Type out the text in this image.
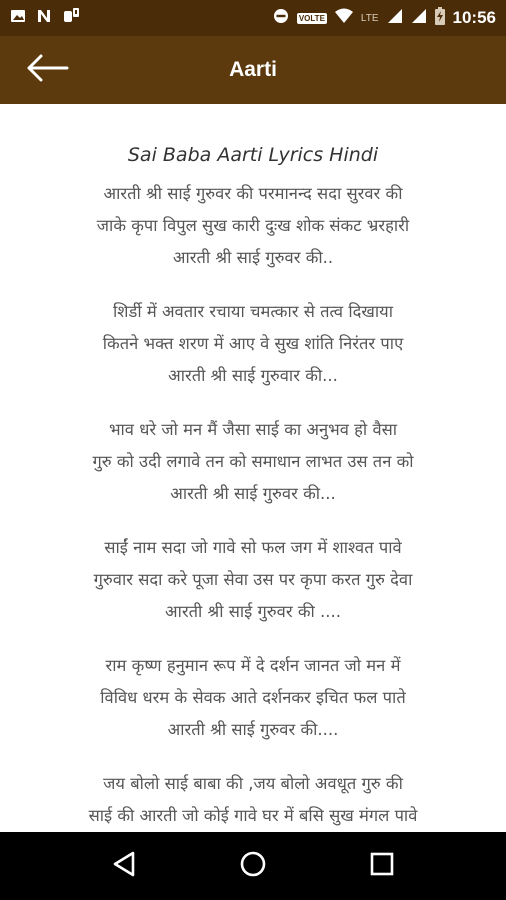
VOLTE	LTE	10:56
Aarti
Sai Baba Aarti Lyrics Hindi
आरती श्री साई गुरुवर की परमानन्द सदा सुरवर की
जाके कृपा विपुल सुख कारी दुःख शोक संकट भ्ररहारी
आरती श्री साई गुरुवर की..
शिर्डी में अवतार रचाया चमत्कार से तत्व दिखाया
कितने भक्त शरण में आए वे सुख शांति निरंतर पाए
आरती श्री साई गुरुवार की...
भाव धरे जो मन मैं जैसा साई का अनुभव हो वैसा
गुरु को उदी लगावे तन को समाधान लाभत उस तन को
आरती श्री साई गुरुवर की...
साईं नाम सदा जो गावे सो फल जग में शाश्वत पावे
गुरुवार सदा करे पूजा सेवा उस पर कृपा करत गुरु देवा
आरती श्री साई गुरुवर की ....
राम कृष्ण हनुमान रूप में दे दर्शन जानत जो मन में
विविध धरम के सेवक आते दर्शनकर इचित फल पाते
आरती श्री साई गुरुवर की....
जय बोलो साई बाबा की ,जय बोलो अवधूत गुरु की
साई की आरती जो कोई गावे घर में बसि सुख मंगल पावे
